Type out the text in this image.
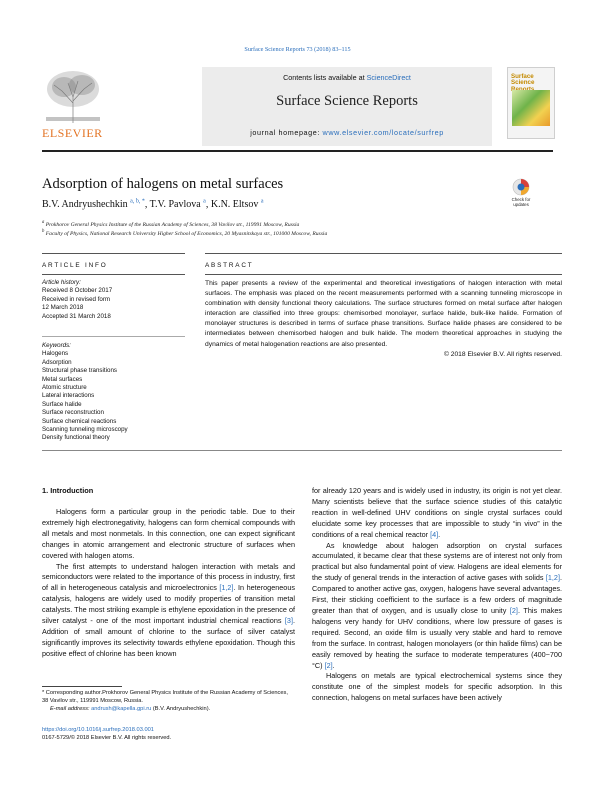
Surface Science Reports 73 (2018) 83–115
ELSEVIER
Contents lists available at ScienceDirect
Surface Science Reports
journal homepage: www.elsevier.com/locate/surfrep
Surface Science
Adsorption of halogens on metal surfaces
Check for updates
B.V. Andryushechkin $^{a, b, *}$, T.V. Pavlova $^a$, K.N. Eltsov $^a$
$^a$ Prokhorov General Physics Institute of the Russian Academy of Sciences, 38 Vavilov str., 119991 Moscow, Russia
$^b$ Faculty of Physics, National Research University Higher School of Economics, 20 Myasnitskaya str., 101000 Moscow, Russia
ARTICLE INFO
Article history:
Received 8 October 2017
Received in revised form
12 March 2018
Accepted 31 March 2018
Keywords:
Halogens
Adsorption
Structural phase transitions
Metal surfaces
Atomic structure
Lateral interactions
Surface halide
Surface reconstruction
Surface chemical reactions
Scanning tunneling microscopy
Density functional theory
ABSTRACT
This paper presents a review of the experimental and theoretical investigations of halogen interaction with metal surfaces. The emphasis was placed on the recent measurements performed with a scanning tunneling microscope in combination with density functional theory calculations. The surface structures formed on metal surface after halogen interaction are classified into three groups: chemisorbed monolayer, surface halide, bulk-like halide. Formation of monolayer structures is described in terms of surface phase transitions. Surface halide phases are considered to be intermediates between chemisorbed halogen and bulk halide. The modern theoretical approaches in studying the dynamics of metal halogenation reactions are also presented.
© 2018 Elsevier B.V. All rights reserved.
1. Introduction

Halogens form a particular group in the periodic table. Due to their extremely high electronegativity, halogens can form chemical compounds with all metals and most nonmetals. In this connection, one can expect significant changes in atomic arrangement and electronic structure of surfaces when covered with halogen atoms.

The first attempts to understand halogen interaction with metals and semiconductors were related to the importance of this process in industry, first of all in heterogeneous catalysis and microelectronics [1,2]. In heterogeneous catalysis, halogens are widely used to modify properties of transition metal catalysts. The most striking example is ethylene epoxidation in the presence of silver catalyst - one of the most important industrial chemical reactions [3]. Addition of small amount of chlorine to the surface of silver catalyst significantly improves its selectivity towards ethylene epoxidation. Though this positive effect of chlorine has been known

for already 120 years and is widely used in industry, its origin is not yet clear. Many scientists believe that the surface science studies of this catalytic reaction in well-defined UHV conditions on single crystal surfaces could elucidate some key processes that are impossible to study “in vivo” in the conditions of a real chemical reactor [4].

As knowledge about halogen adsorption on crystal surfaces accumulated, it became clear that these systems are of interest not only from practical but also fundamental point of view. Halogens are ideal elements for the study of general trends in the interaction of active gases with solids [1,2]. Compared to another active gas, oxygen, halogens have several advantages. First, their sticking coefficient to the surface is a few orders of magnitude greater than that of oxygen, and is usually close to unity [2]. This makes halogens very handy for UHV conditions, where low pressure of gases is required. Second, an oxide film is usually very stable and hard to remove from the surface. In contrast, halogen monolayers (or thin halide films) can be easily removed by heating the surface to moderate temperatures (400−700 °C) [2].

Halogens on metals are typical electrochemical systems since they constitute one of the simplest models for specific adsorption. In this connection, halogens on metal surfaces have been actively

* Corresponding author.Prokhorov General Physics Institute of the Russian Academy of Sciences, 38 Vavilov str., 119991 Moscow, Russia.
E-mail address: andrush@kapella.gpi.ru (B.V. Andryushechkin).
https://doi.org/10.1016/j.surfrep.2018.03.001
0167-5729/© 2018 Elsevier B.V. All rights reserved.
